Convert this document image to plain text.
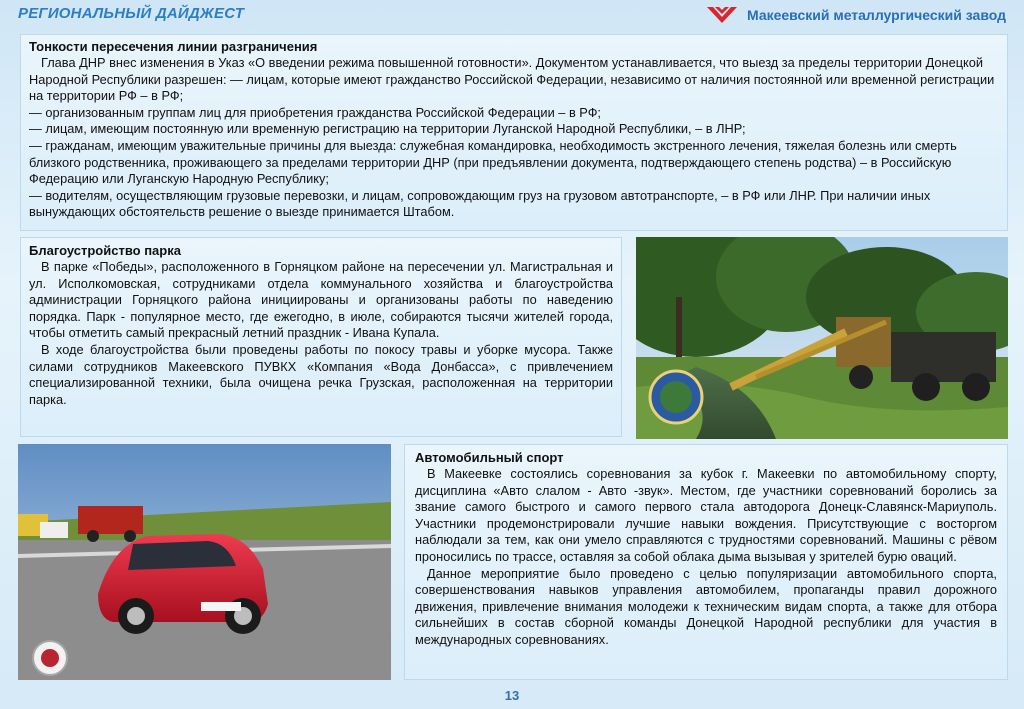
РЕГИОНАЛЬНЫЙ ДАЙДЖЕСТ	Макеевский металлургический завод
Тонкости пересечения линии разграничения

Глава ДНР внес изменения в Указ «О введении режима повышенной готовности». Документом устанавливается, что выезд за пределы территории Донецкой Народной Республики разрешен: — лицам, которые имеют гражданство Российской Федерации, независимо от наличия постоянной или временной регистрации на территории РФ – в РФ;

— организованным группам лиц для приобретения гражданства Российской Федерации – в РФ;

— лицам, имеющим постоянную или временную регистрацию на территории Луганской Народной Республики, – в ЛНР;

— гражданам, имеющим уважительные причины для выезда: служебная командировка, необходимость экстренного лечения, тяжелая болезнь или смерть близкого родственника, проживающего за пределами территории ДНР (при предъявлении документа, подтверждающего степень родства) – в Российскую Федерацию или Луганскую Народную Республику;

— водителям, осуществляющим грузовые перевозки, и лицам, сопровождающим груз на грузовом автотранспорте, – в РФ или ЛНР. При наличии иных вынуждающих обстоятельств решение о выезде принимается Штабом.

Благоустройство парка

В парке «Победы», расположенного в Горняцком районе на пересечении ул. Магистральная и ул. Исполкомовская, сотрудниками отдела коммунального хозяйства и благоустройства администрации Горняцкого района инициированы и организованы работы по наведению порядка. Парк - популярное место, где ежегодно, в июле, собираются тысячи жителей города, чтобы отметить самый прекрасный летний праздник - Ивана Купала.

В ходе благоустройства были проведены работы по покосу травы и уборке мусора. Также силами сотрудников Макеевского ПУВКХ «Компания «Вода Донбасса», с привлечением специализированной техники, была очищена речка Грузская, расположенная на территории парка.

Автомобильный спорт

В Макеевке состоялись соревнования за кубок г. Макеевки по автомобильному спорту, дисциплина «Авто слалом - Авто -звук». Местом, где участники соревнований боролись за звание самого быстрого и самого первого стала автодорога Донецк-Славянск-Мариуполь. Участники продемонстрировали лучшие навыки вождения. Присутствующие с восторгом наблюдали за тем, как они умело справляются с трудностями соревнований. Машины с рёвом проносились по трассе, оставляя за собой облака дыма вызывая у зрителей бурю оваций.

Данное мероприятие было проведено с целью популяризации автомобильного спорта, совершенствования навыков управления автомобилем, пропаганды правил дорожного движения, привлечение внимания молодежи к техническим видам спорта, а также для отбора сильнейших в состав сборной команды Донецкой Народной республики для участия в международных соревнованиях.

13
